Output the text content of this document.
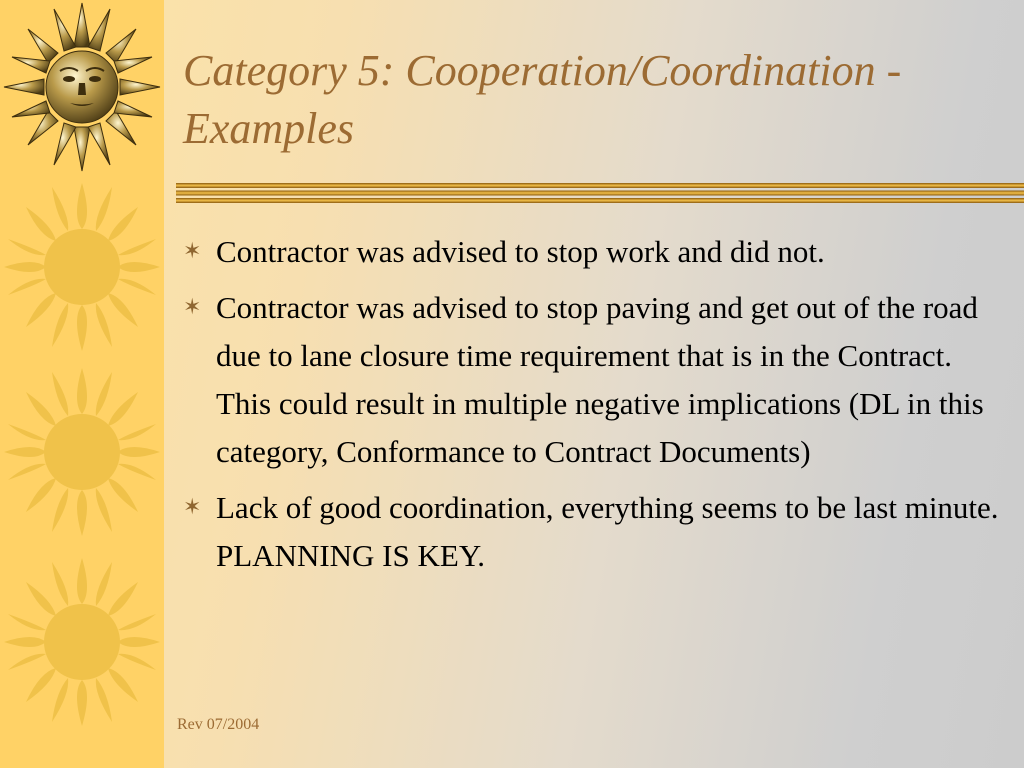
Category 5: Cooperation/Coordination - Examples
✶ Contractor was advised to stop work and did not.
✶ Contractor was advised to stop paving and get out of the road due to lane closure time requirement that is in the Contract. This could result in multiple negative implications (DL in this category, Conformance to Contract Documents)
✶ Lack of good coordination, everything seems to be last minute. PLANNING IS KEY.
Rev 07/2004
